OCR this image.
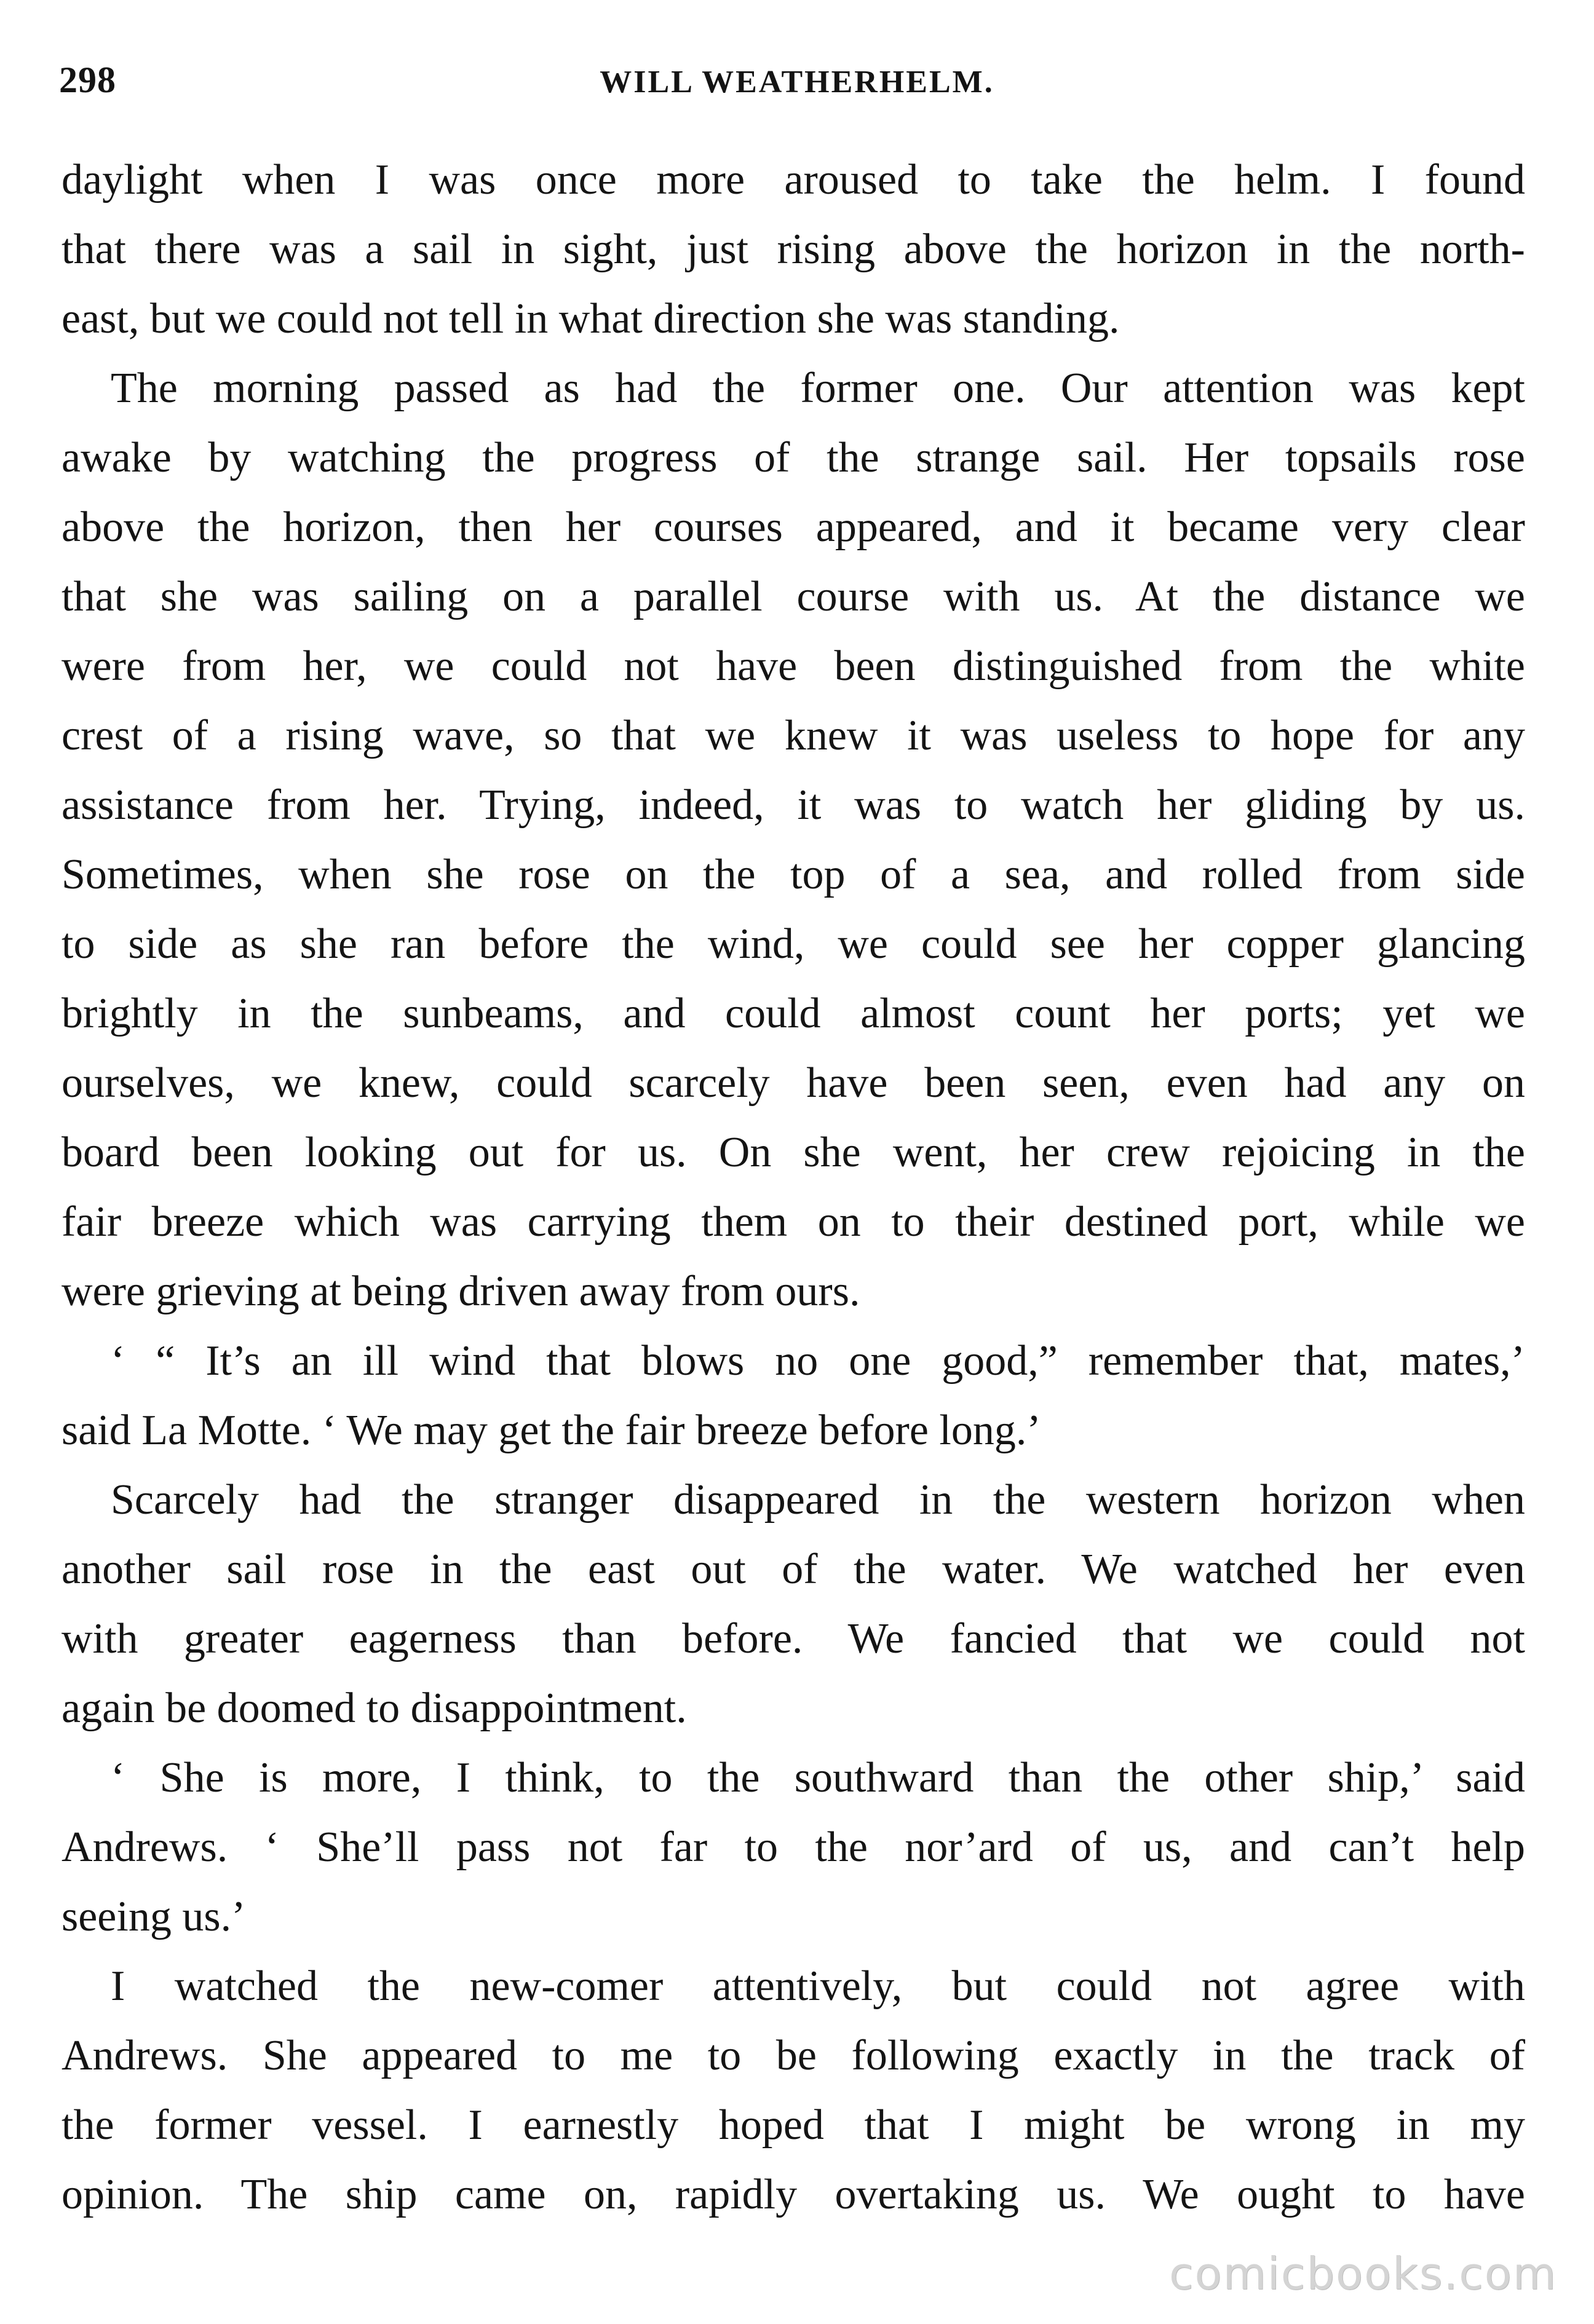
298	WILL WEATHERHELM.

daylight when I was once more aroused to take the helm. I found
that there was a sail in sight, just rising above the horizon in the north-
east, but we could not tell in what direction she was standing.

The morning passed as had the former one. Our attention was kept
awake by watching the progress of the strange sail. Her topsails rose
above the horizon, then her courses appeared, and it became very clear
that she was sailing on a parallel course with us. At the distance we
were from her, we could not have been distinguished from the white
crest of a rising wave, so that we knew it was useless to hope for any
assistance from her. Trying, indeed, it was to watch her gliding by us.
Sometimes, when she rose on the top of a sea, and rolled from side
to side as she ran before the wind, we could see her copper glancing
brightly in the sunbeams, and could almost count her ports; yet we
ourselves, we knew, could scarcely have been seen, even had any on
board been looking out for us. On she went, her crew rejoicing in the
fair breeze which was carrying them on to their destined port, while we
were grieving at being driven away from ours.

‘ “ It’s an ill wind that blows no one good,” remember that, mates,’
said La Motte. ‘ We may get the fair breeze before long.’

Scarcely had the stranger disappeared in the western horizon when
another sail rose in the east out of the water. We watched her even
with greater eagerness than before. We fancied that we could not
again be doomed to disappointment.

‘ She is more, I think, to the southward than the other ship,’ said
Andrews. ‘ She’ll pass not far to the nor’ard of us, and can’t help
seeing us.’

I watched the new-comer attentively, but could not agree with
Andrews. She appeared to me to be following exactly in the track of
the former vessel. I earnestly hoped that I might be wrong in my
opinion. The ship came on, rapidly overtaking us. We ought to have

comicbooks.com
